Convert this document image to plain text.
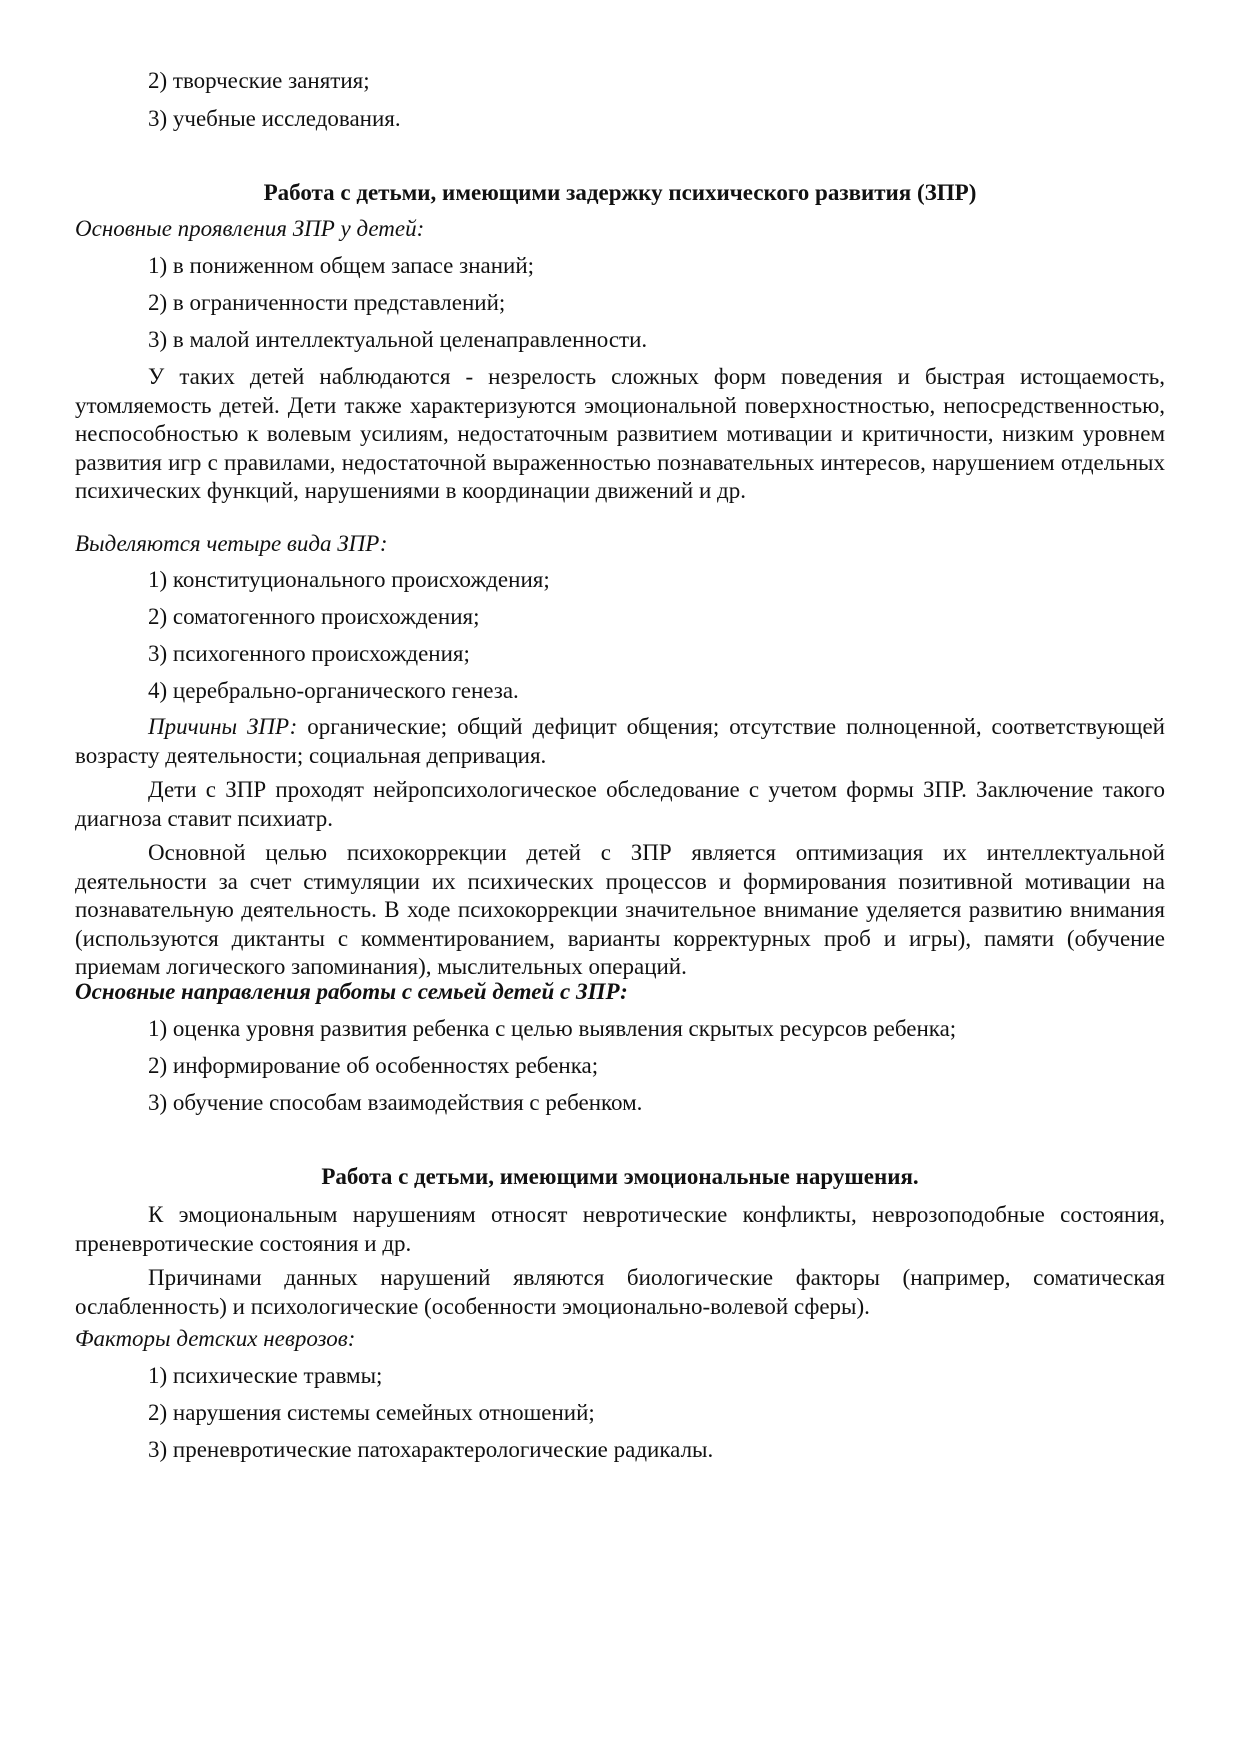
2) творческие занятия;

3) учебные исследования.

Работа с детьми, имеющими задержку психического развития (ЗПР)

Основные проявления ЗПР у детей:

1) в пониженном общем запасе знаний;

2) в ограниченности представлений;

3) в малой интеллектуальной целенаправленности.

У таких детей наблюдаются - незрелость сложных форм поведения и быстрая истощаемость, утомляемость детей. Дети также характеризуются эмоциональной поверхностностью, непосредственностью, неспособностью к волевым усилиям, недостаточным развитием мотивации и критичности, низким уровнем развития игр с правилами, недостаточной выраженностью познавательных интересов, нарушением отдельных психических функций, нарушениями в координации движений и др.

Выделяются четыре вида ЗПР:

1) конституционального происхождения;

2) соматогенного происхождения;

3) психогенного происхождения;

4) церебрально-органического генеза.

Причины ЗПР: органические; общий дефицит общения; отсутствие полноценной, соответствующей возрасту деятельности; социальная депривация.

Дети с ЗПР проходят нейропсихологическое обследование с учетом формы ЗПР. Заключение такого диагноза ставит психиатр.

Основной целью психокоррекции детей с ЗПР является оптимизация их интеллектуальной деятельности за счет стимуляции их психических процессов и формирования позитивной мотивации на познавательную деятельность. В ходе психокоррекции значительное внимание уделяется развитию внимания (используются диктанты с комментированием, варианты корректурных проб и игры), памяти (обучение приемам логического запоминания), мыслительных операций.

Основные направления работы с семьей детей с ЗПР:

1) оценка уровня развития ребенка с целью выявления скрытых ресурсов ребенка;

2) информирование об особенностях ребенка;

3) обучение способам взаимодействия с ребенком.

Работа с детьми, имеющими эмоциональные нарушения.

К эмоциональным нарушениям относят невротические конфликты, неврозоподобные состояния, преневротические состояния и др.

Причинами данных нарушений являются биологические факторы (например, соматическая ослабленность) и психологические (особенности эмоционально-волевой сферы).

Факторы детских неврозов:

1) психические травмы;

2) нарушения системы семейных отношений;

3) преневротические патохарактерологические радикалы.
